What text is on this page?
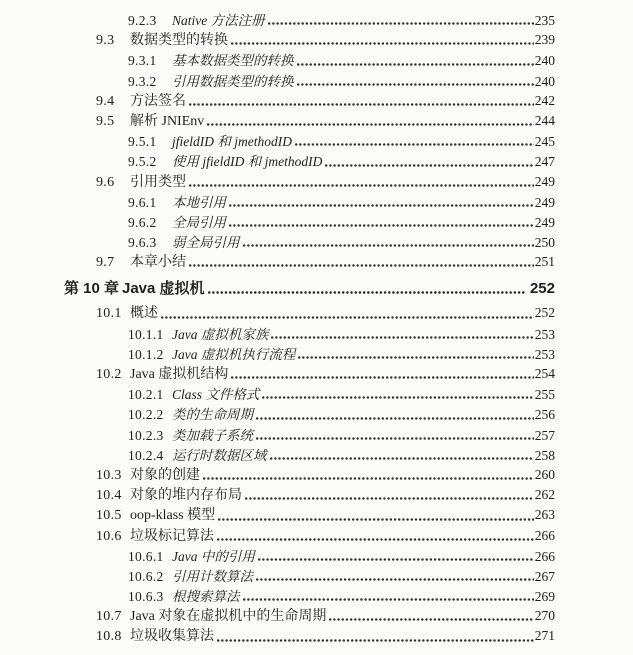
9.2.3	Native 方法注册	235
9.3	数据类型的转换	239
9.3.1	基本数据类型的转换	240
9.3.2	引用数据类型的转换	240
9.4	方法签名	242
9.5	解析 JNIEnv	244
9.5.1	jfieldID 和 jmethodID	245
9.5.2	使用 jfieldID 和 jmethodID	247
9.6	引用类型	249
9.6.1	本地引用	249
9.6.2	全局引用	249
9.6.3	弱全局引用	250
9.7	本章小结	251
第 10 章 Java 虚拟机	252
10.1 概述	252
10.1.1 Java 虚拟机家族	253
10.1.2 Java 虚拟机执行流程	253
10.2 Java 虚拟机结构	254
10.2.1 Class 文件格式	255
10.2.2 类的生命周期	256
10.2.3 类加载子系统	257
10.2.4 运行时数据区域	258
10.3 对象的创建	260
10.4 对象的堆内存布局	262
10.5 oop-klass 模型	263
10.6 垃圾标记算法	266
10.6.1 Java 中的引用	266
10.6.2 引用计数算法	267
10.6.3 根搜索算法	269
10.7 Java 对象在虚拟机中的生命周期	270
10.8 垃圾收集算法	271
